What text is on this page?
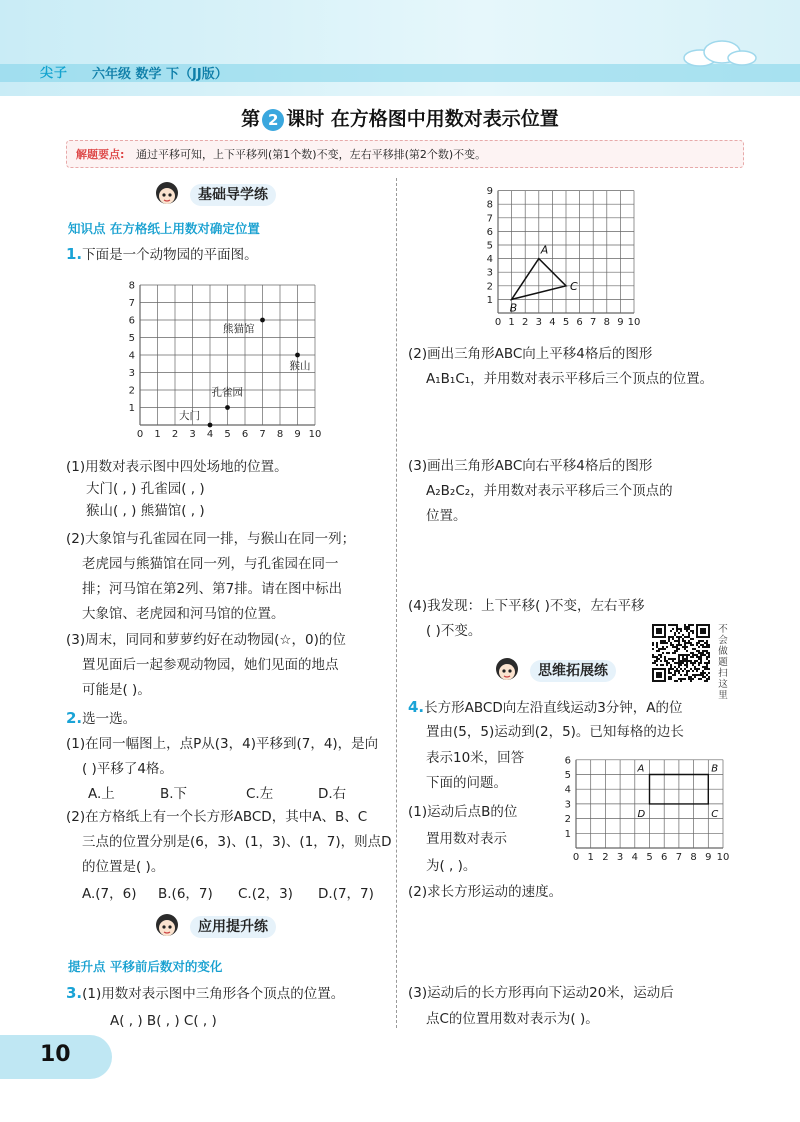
尖子 六年级 数学 下（JJ版）
第 2 课时 在方格图中用数对表示位置
解题要点: 通过平移可知，上下平移列(第1个数)不变，左右平移排(第2个数)不变。
基础导学练
知识点 在方格纸上用数对确定位置
1.下面是一个动物园的平面图。
0 1 2 3 4 5 6 7 8 9 10
1
2
3
4
5
6
7
8
大门
孔雀园
熊猫馆
猴山
(1)用数对表示图中四处场地的位置。
大门( , ) 孔雀园( , )
猴山( , ) 熊猫馆( , )
(2)大象馆与孔雀园在同一排，与猴山在同一列；
老虎园与熊猫馆在同一列，与孔雀园在同一
排；河马馆在第2列、第7排。请在图中标出
大象馆、老虎园和河马馆的位置。
(3)周末，同同和萝萝约好在动物园(☆，0)的位
置见面后一起参观动物园，她们见面的地点
可能是( )。
2.选一选。
(1)在同一幅图上，点P从(3，4)平移到(7，4)，是向
( )平移了4格。
A.上	B.下	C.左	D.右
(2)在方格纸上有一个长方形ABCD，其中A、B、C
三点的位置分别是(6，3)、(1，3)、(1，7)，则点D
的位置是( )。
A.(7，6) B.(6，7) C.(2，3) D.(7，7)
应用提升练
提升点 平移前后数对的变化
3.(1)用数对表示图中三角形各个顶点的位置。
A( , ) B( , ) C( , )
0 1 2 3 4 5 6 7 8 9 10
1
2
3
4
5
6
7
8
9
A
B
C
(2)画出三角形ABC向上平移4格后的图形
A₁B₁C₁，并用数对表示平移后三个顶点的位置。
(3)画出三角形ABC向右平移4格后的图形
A₂B₂C₂，并用数对表示平移后三个顶点的
位置。
(4)我发现：上下平移( )不变，左右平移
( )不变。	不会做题扫这里
思维拓展练
4.长方形ABCD向左沿直线运动3分钟，A的位
置由(5，5)运动到(2，5)。已知每格的边长
表示10米，回答
下面的问题。
0 1 2 3 4 5 6 7 8 9 10
1
2
3
4
5
6
A	B
C
D
(1)运动后点B的位
置用数对表示
为( , )。
(2)求长方形运动的速度。
(3)运动后的长方形再向下运动20米，运动后
点C的位置用数对表示为( )。
10
